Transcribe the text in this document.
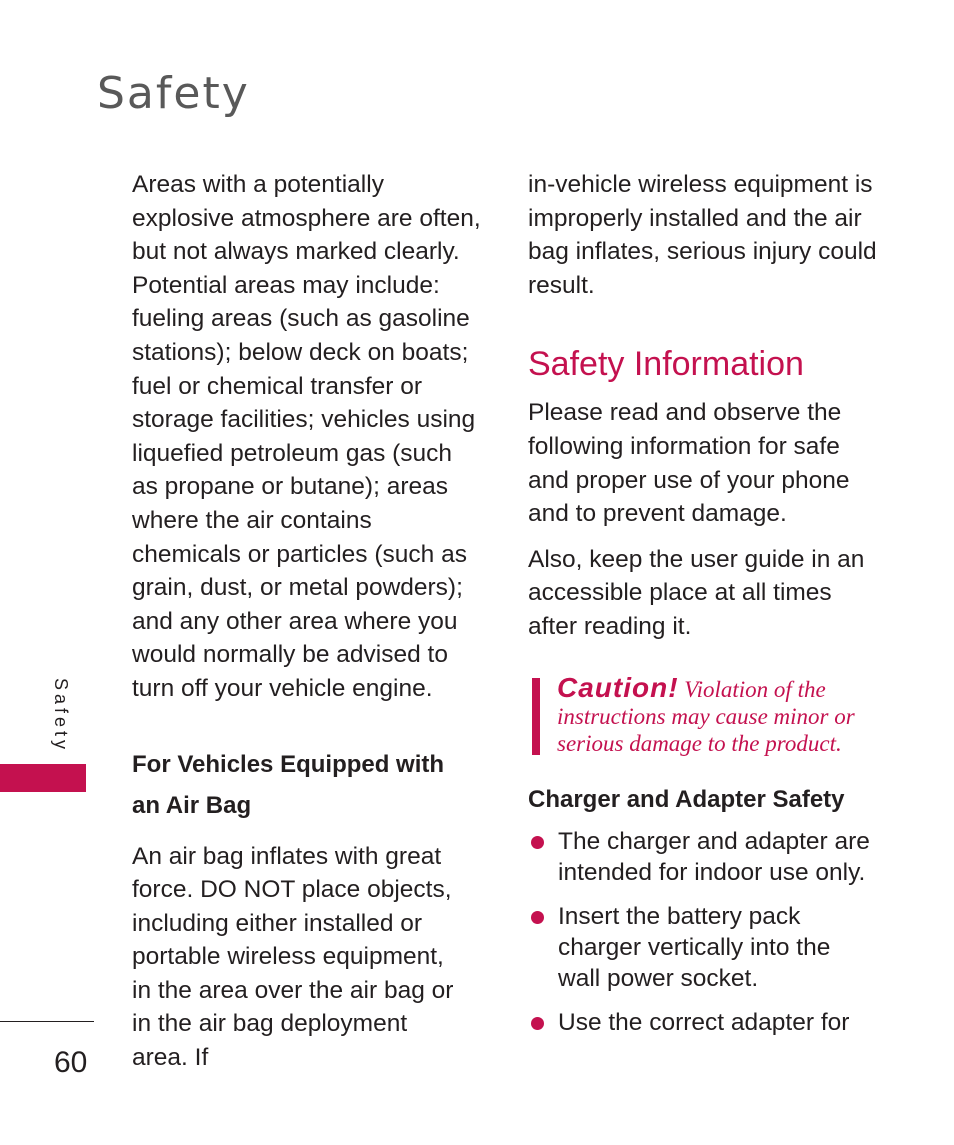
Safety

Areas with a potentially explosive atmosphere are often, but not always marked clearly. Potential areas may include: fueling areas (such as gasoline stations); below deck on boats; fuel or chemical transfer or storage facilities; vehicles using liquefied petroleum gas (such as propane or butane); areas where the air contains chemicals or particles (such as grain, dust, or metal powders); and any other area where you would normally be advised to turn off your vehicle engine.

For Vehicles Equipped with an Air Bag

An air bag inflates with great force. DO NOT place objects, including either installed or portable wireless equipment, in the area over the air bag or in the air bag deployment area. If

in-vehicle wireless equipment is improperly installed and the air bag inflates, serious injury could result.

Safety Information

Please read and observe the following information for safe and proper use of your phone and to prevent damage.

Also, keep the user guide in an accessible place at all times after reading it.

Caution! Violation of the instructions may cause minor or serious damage to the product.

Charger and Adapter Safety

The charger and adapter are intended for indoor use only.
Insert the battery pack charger vertically into the wall power socket.
Use the correct adapter for
Safety
60
